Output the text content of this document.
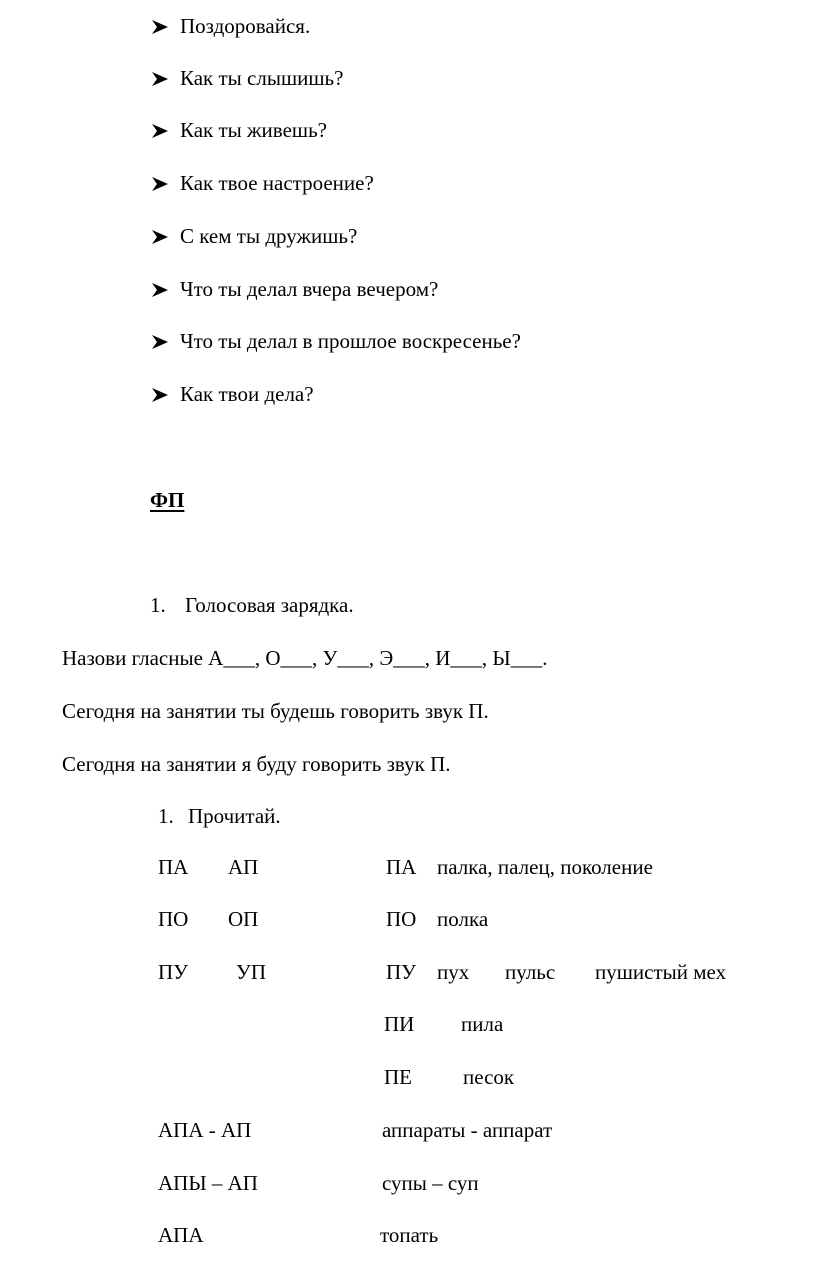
Поздоровайся.
Как ты слышишь?
Как ты живешь?
Как твое настроение?
С кем ты дружишь?
Что ты делал вчера вечером?
Что ты делал в прошлое воскресенье?
Как твои дела?
ФП
1. Голосовая зарядка.
Назови гласные А___, О___, У___, Э___, И___, Ы___.
Сегодня на занятии ты будешь говорить звук П.
Сегодня на занятии я буду говорить звук П.
1. Прочитай.
ПА АП	ПА палка, палец, поколение
ПО ОП	ПО полка
ПУ УП	ПУ пух пульс пушистый мех
ПИ пила
ПЕ песок
АПА - АП	аппараты - аппарат
АПЫ – АП	супы – суп
АПА	топать
